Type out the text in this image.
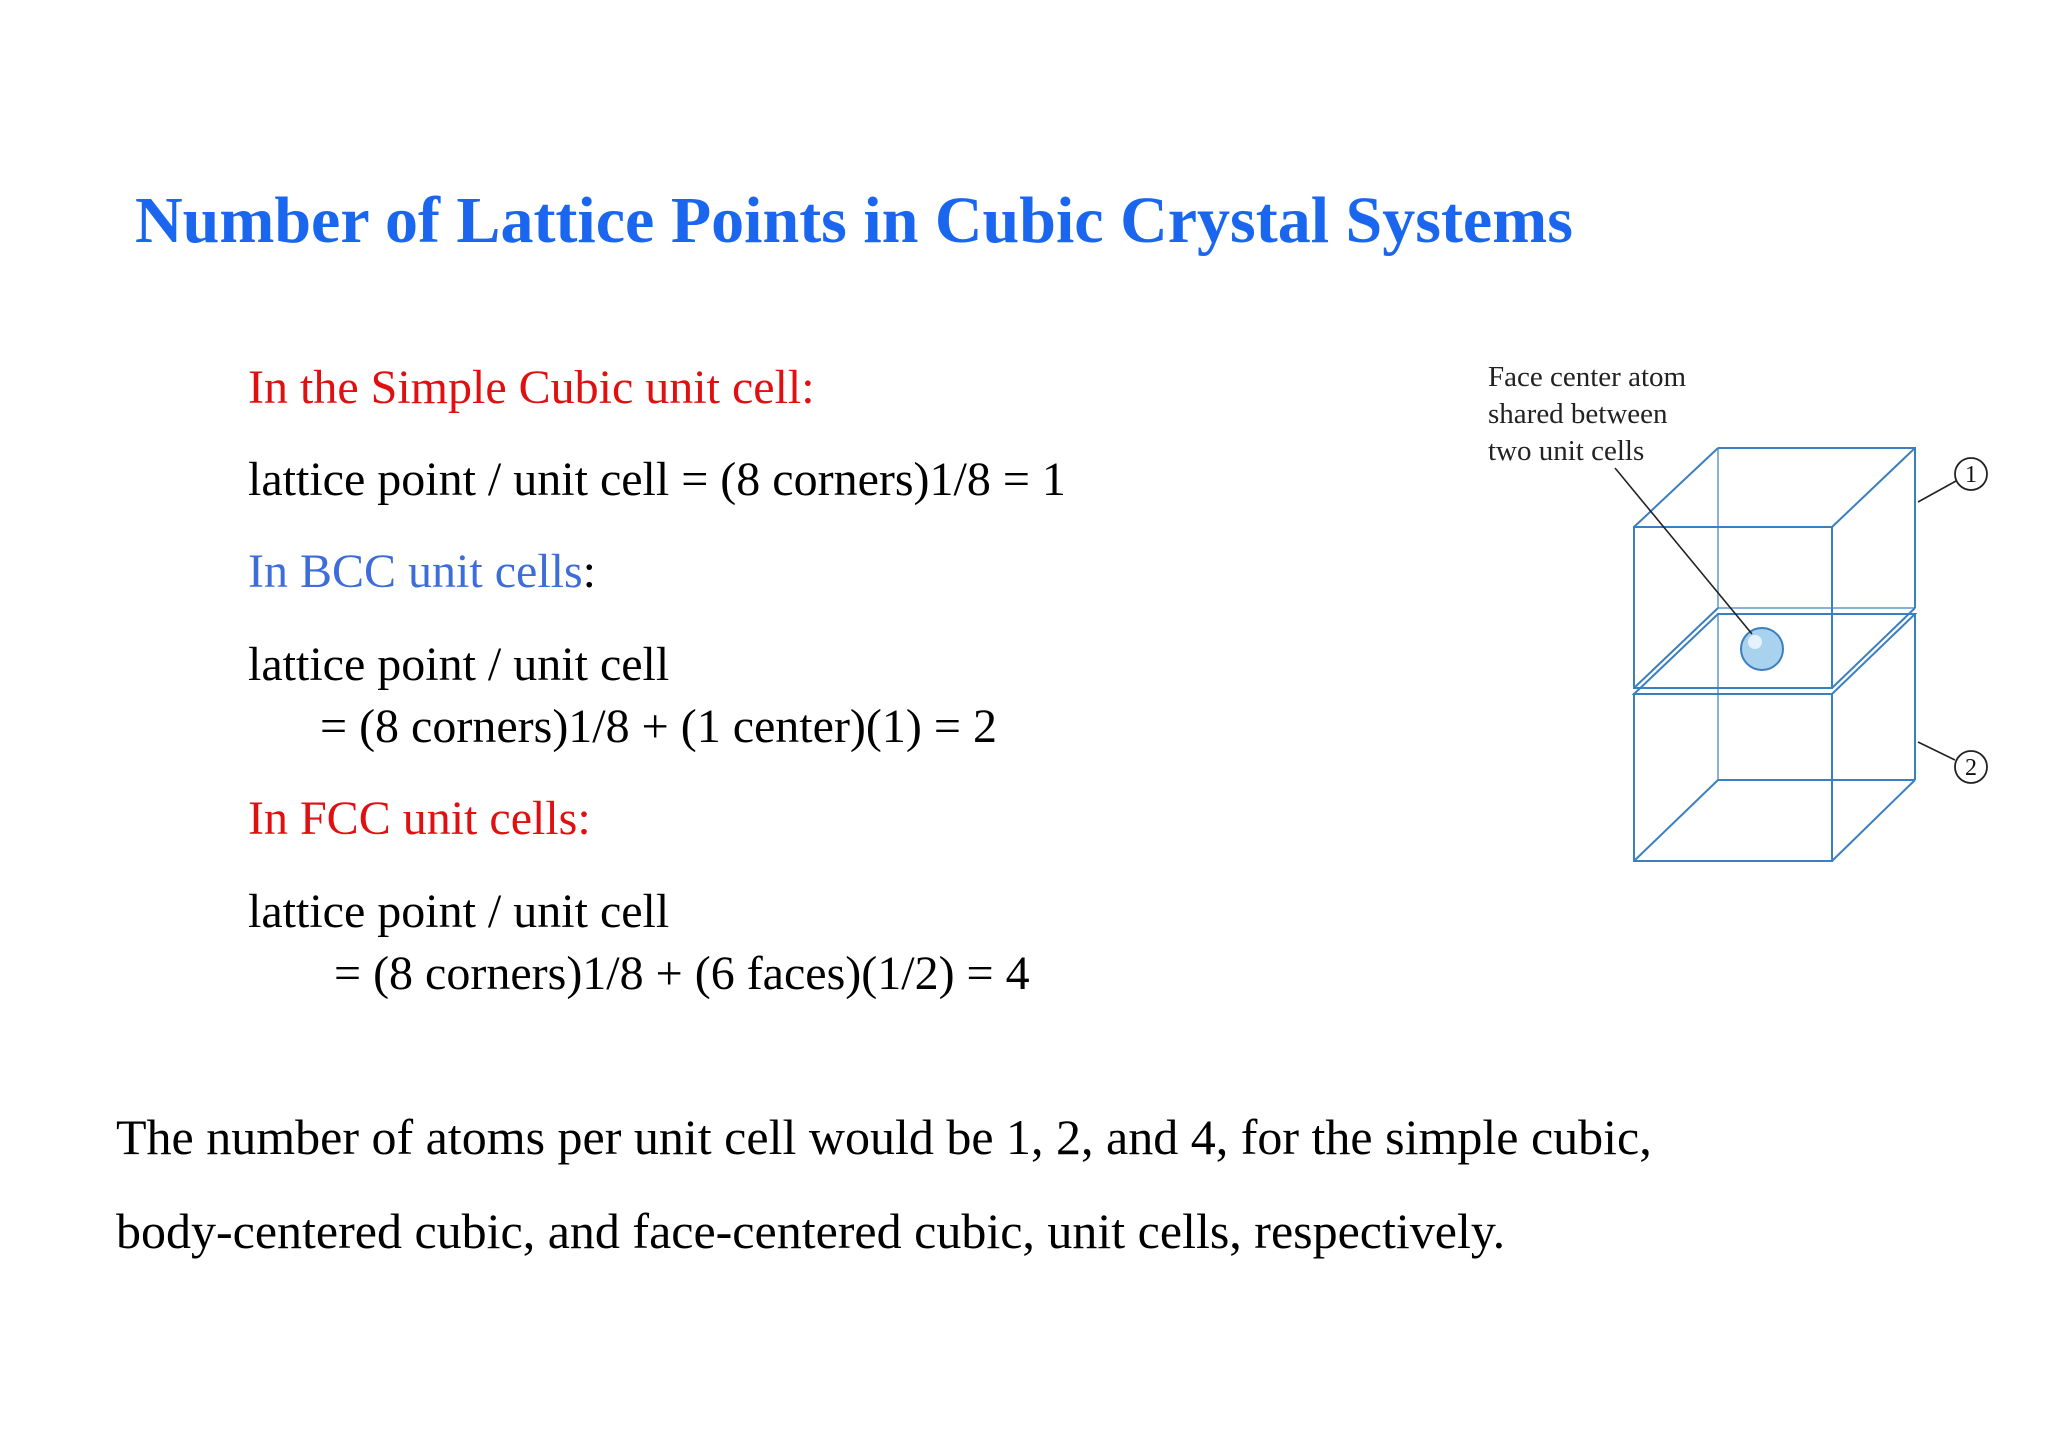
Number of Lattice Points in Cubic Crystal Systems

In the Simple Cubic unit cell:

lattice point / unit cell = (8 corners)1/8 = 1

In BCC unit cells:

lattice point / unit cell

= (8 corners)1/8 + (1 center)(1) = 2

In FCC unit cells:

lattice point / unit cell

= (8 corners)1/8 + (6 faces)(1/2) = 4

Face center atom
shared between
two unit cells
1
2

The number of atoms per unit cell would be 1, 2, and 4, for the simple cubic,

body-centered cubic, and face-centered cubic, unit cells, respectively.
